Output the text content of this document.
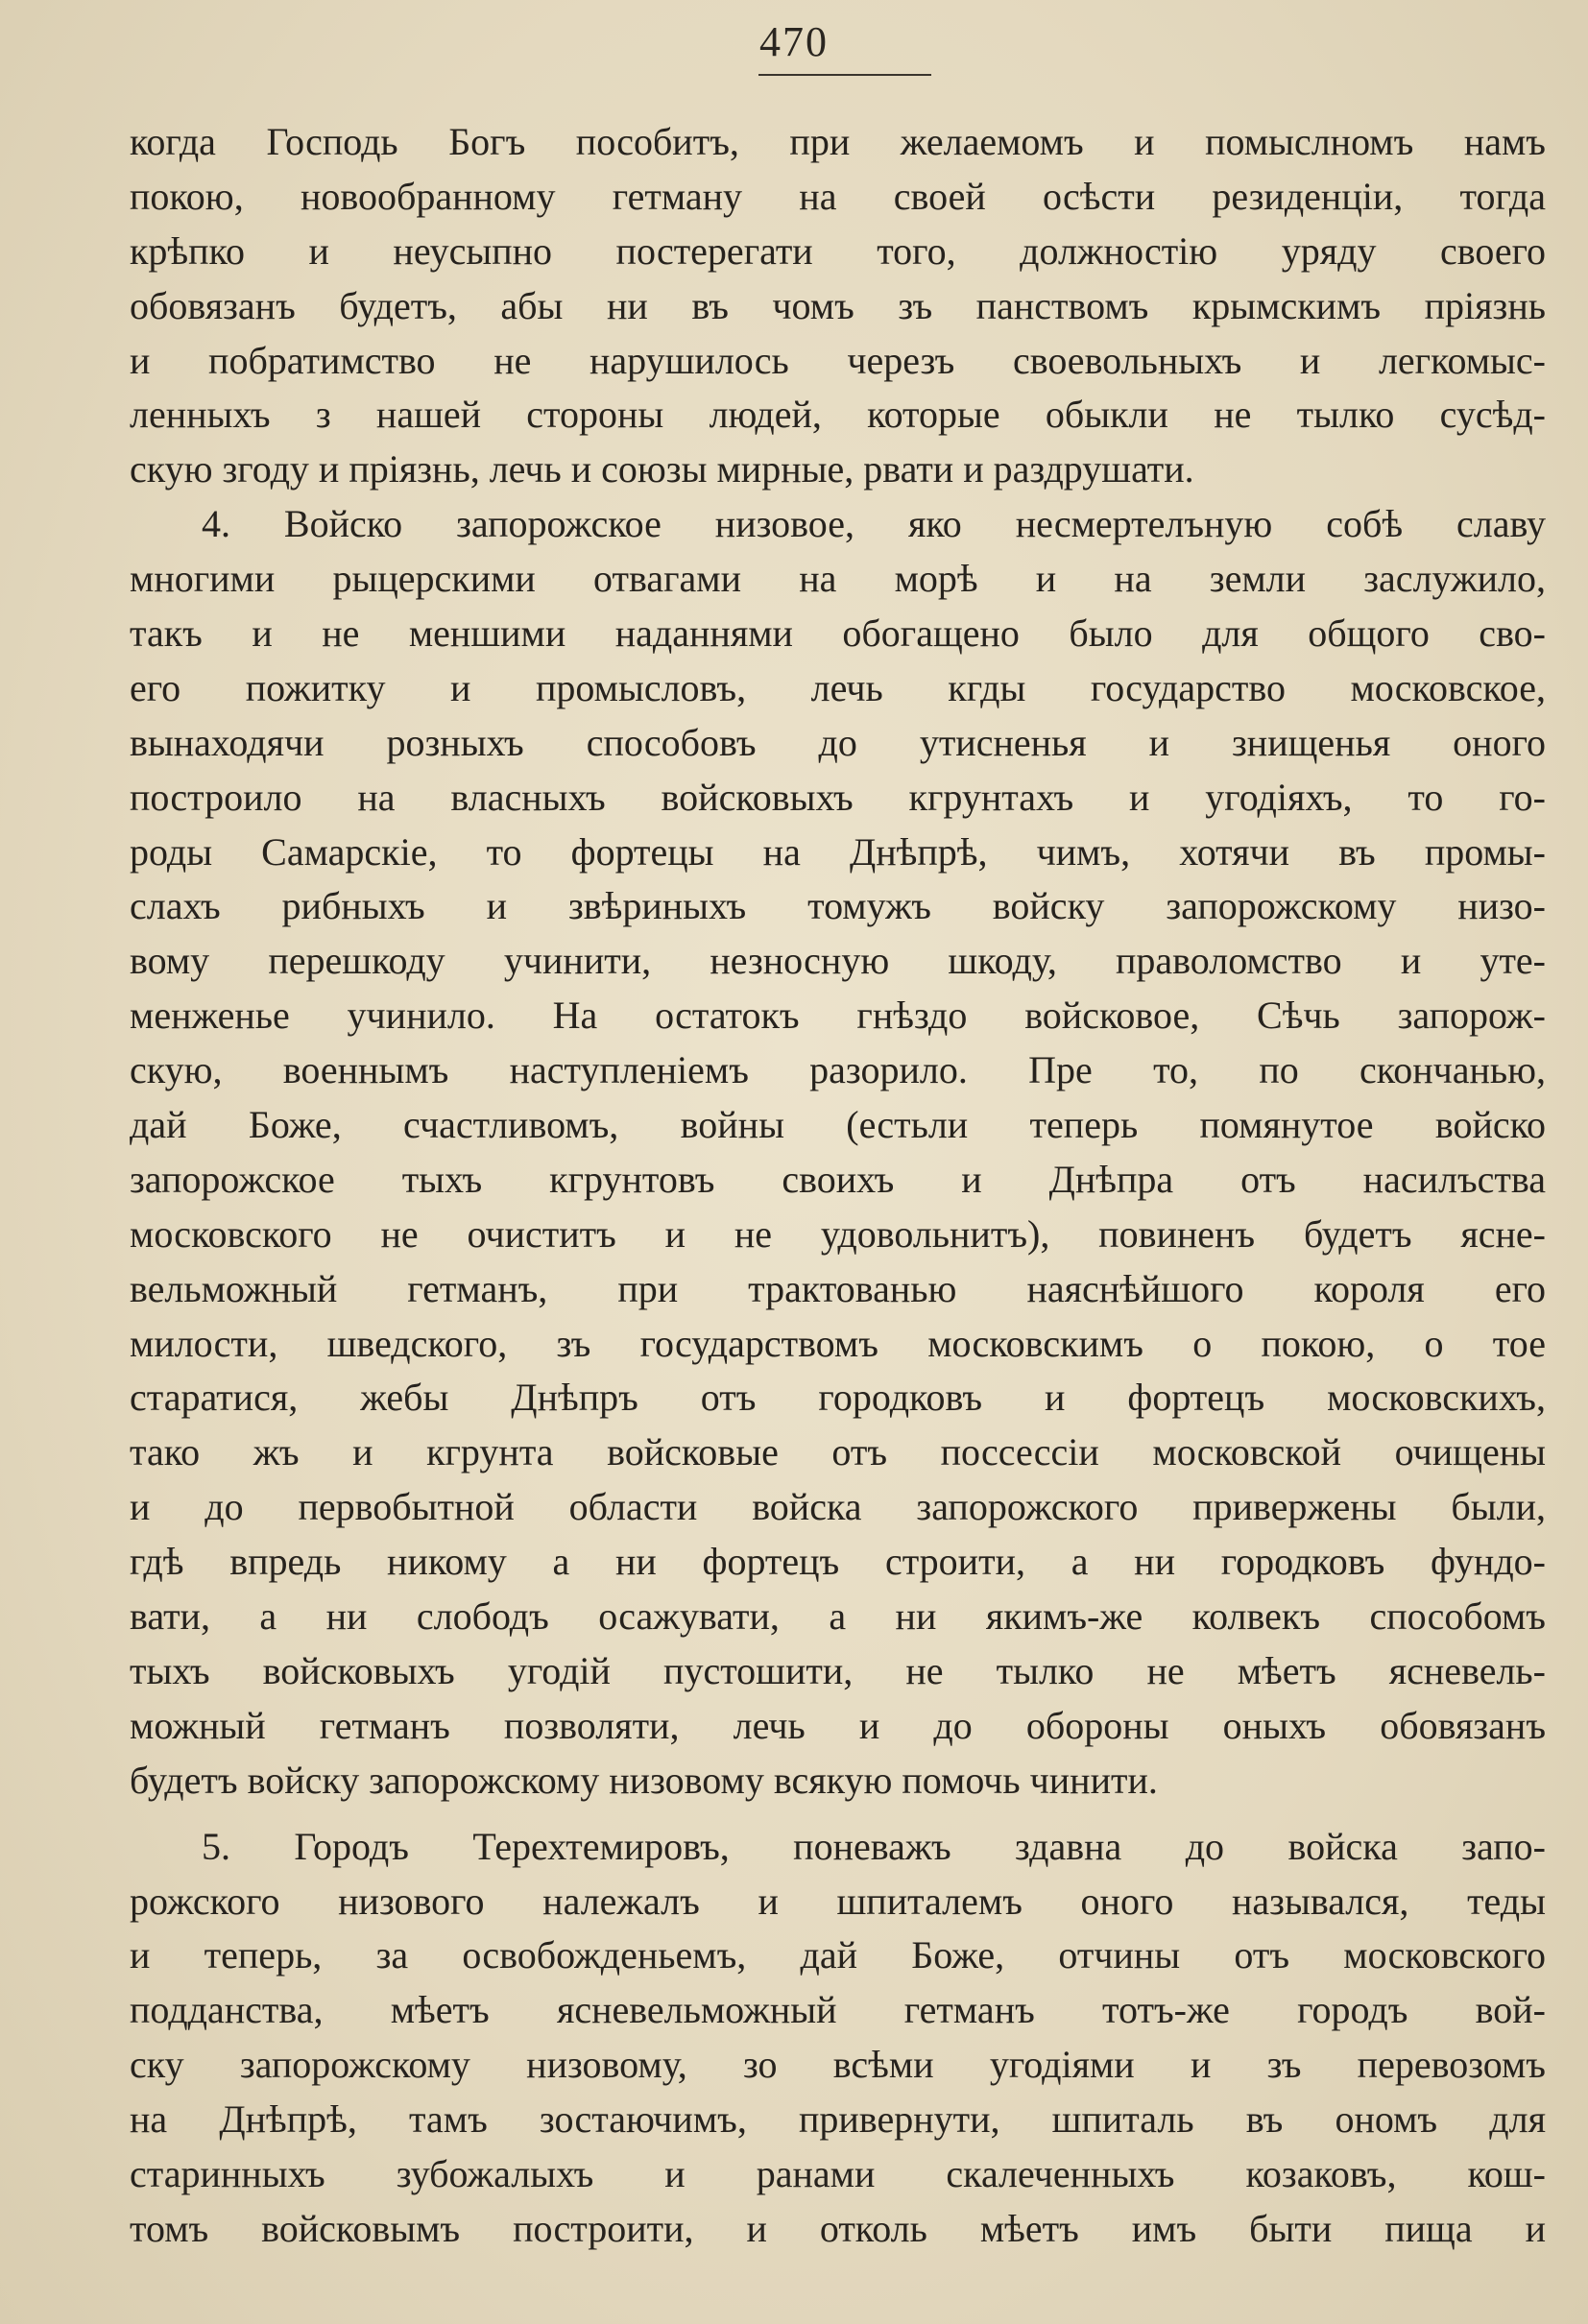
470

когда Господь Богъ пособитъ, при желаемомъ и помыслномъ намъ
покою, новообранному гетману на своей осѣсти резиденціи, тогда
крѣпко и неусыпно постерегати того, должностію уряду своего
обовязанъ будетъ, абы ни въ чомъ зъ панствомъ крымскимъ пріязнь
и побратимство не нарушилось черезъ своевольныхъ и легкомыс-
ленныхъ з нашей стороны людей, которые обыкли не тылко сусѣд-
скую згоду и пріязнь, лечь и союзы мирные, рвати и раздрушати.
4. Войско запорожское низовое, яко несмертелъную собѣ славу
многими рыцерскими отвагами на морѣ и на земли заслужило,
такъ и не меншими наданнями обогащено было для общого сво-
его пожитку и промысловъ, лечь кгды государство московское,
вынаходячи розныхъ способовъ до утисненья и знищенья оного
построило на власныхъ войсковыхъ кгрунтахъ и угодіяхъ, то го-
роды Самарскіе, то фортецы на Днѣпрѣ, чимъ, хотячи въ промы-
слахъ рибныхъ и звѣриныхъ томужъ войску запорожскому низо-
вому перешкоду учинити, незносную шкоду, праволомство и уте-
менженье учинило. На остатокъ гнѣздо войсковое, Сѣчь запорож-
скую, военнымъ наступленіемъ разорило. Пре то, по скончанью,
дай Боже, счастливомъ, войны (естьли теперь помянутое войско
запорожское тыхъ кгрунтовъ своихъ и Днѣпра отъ насилъства
московского не очиститъ и не удовольнитъ), повиненъ будетъ ясне-
вельможный гетманъ, при трактованью наяснѣйшого короля его
милости, шведского, зъ государствомъ московскимъ о покою, о тое
старатися, жебы Днѣпръ отъ городковъ и фортецъ московскихъ,
тако жъ и кгрунта войсковые отъ поссессіи московской очищены
и до первобытной области войска запорожского привержены были,
гдѣ впредь никому а ни фортецъ строити, а ни городковъ фундо-
вати, а ни слободъ осажувати, а ни якимъ-же колвекъ способомъ
тыхъ войсковыхъ угодій пустошити, не тылко не мѣетъ ясневель-
можный гетманъ позволяти, лечь и до обороны оныхъ обовязанъ
будетъ войску запорожскому низовому всякую помочь чинити.
5. Городъ Терехтемировъ, поневажъ здавна до войска запо-
рожского низового належалъ и шпиталемъ оного назывался, теды
и теперь, за освобожденьемъ, дай Боже, отчины отъ московского
подданства, мѣетъ ясневельможный гетманъ тотъ-же городъ вой-
ску запорожскому низовому, зо всѣми угодіями и зъ перевозомъ
на Днѣпрѣ, тамъ зостаючимъ, привернути, шпиталь въ ономъ для
старинныхъ зубожалыхъ и ранами скалеченныхъ козаковъ, кош-
томъ войсковымъ построити, и отколь мѣетъ имъ быти пища и
